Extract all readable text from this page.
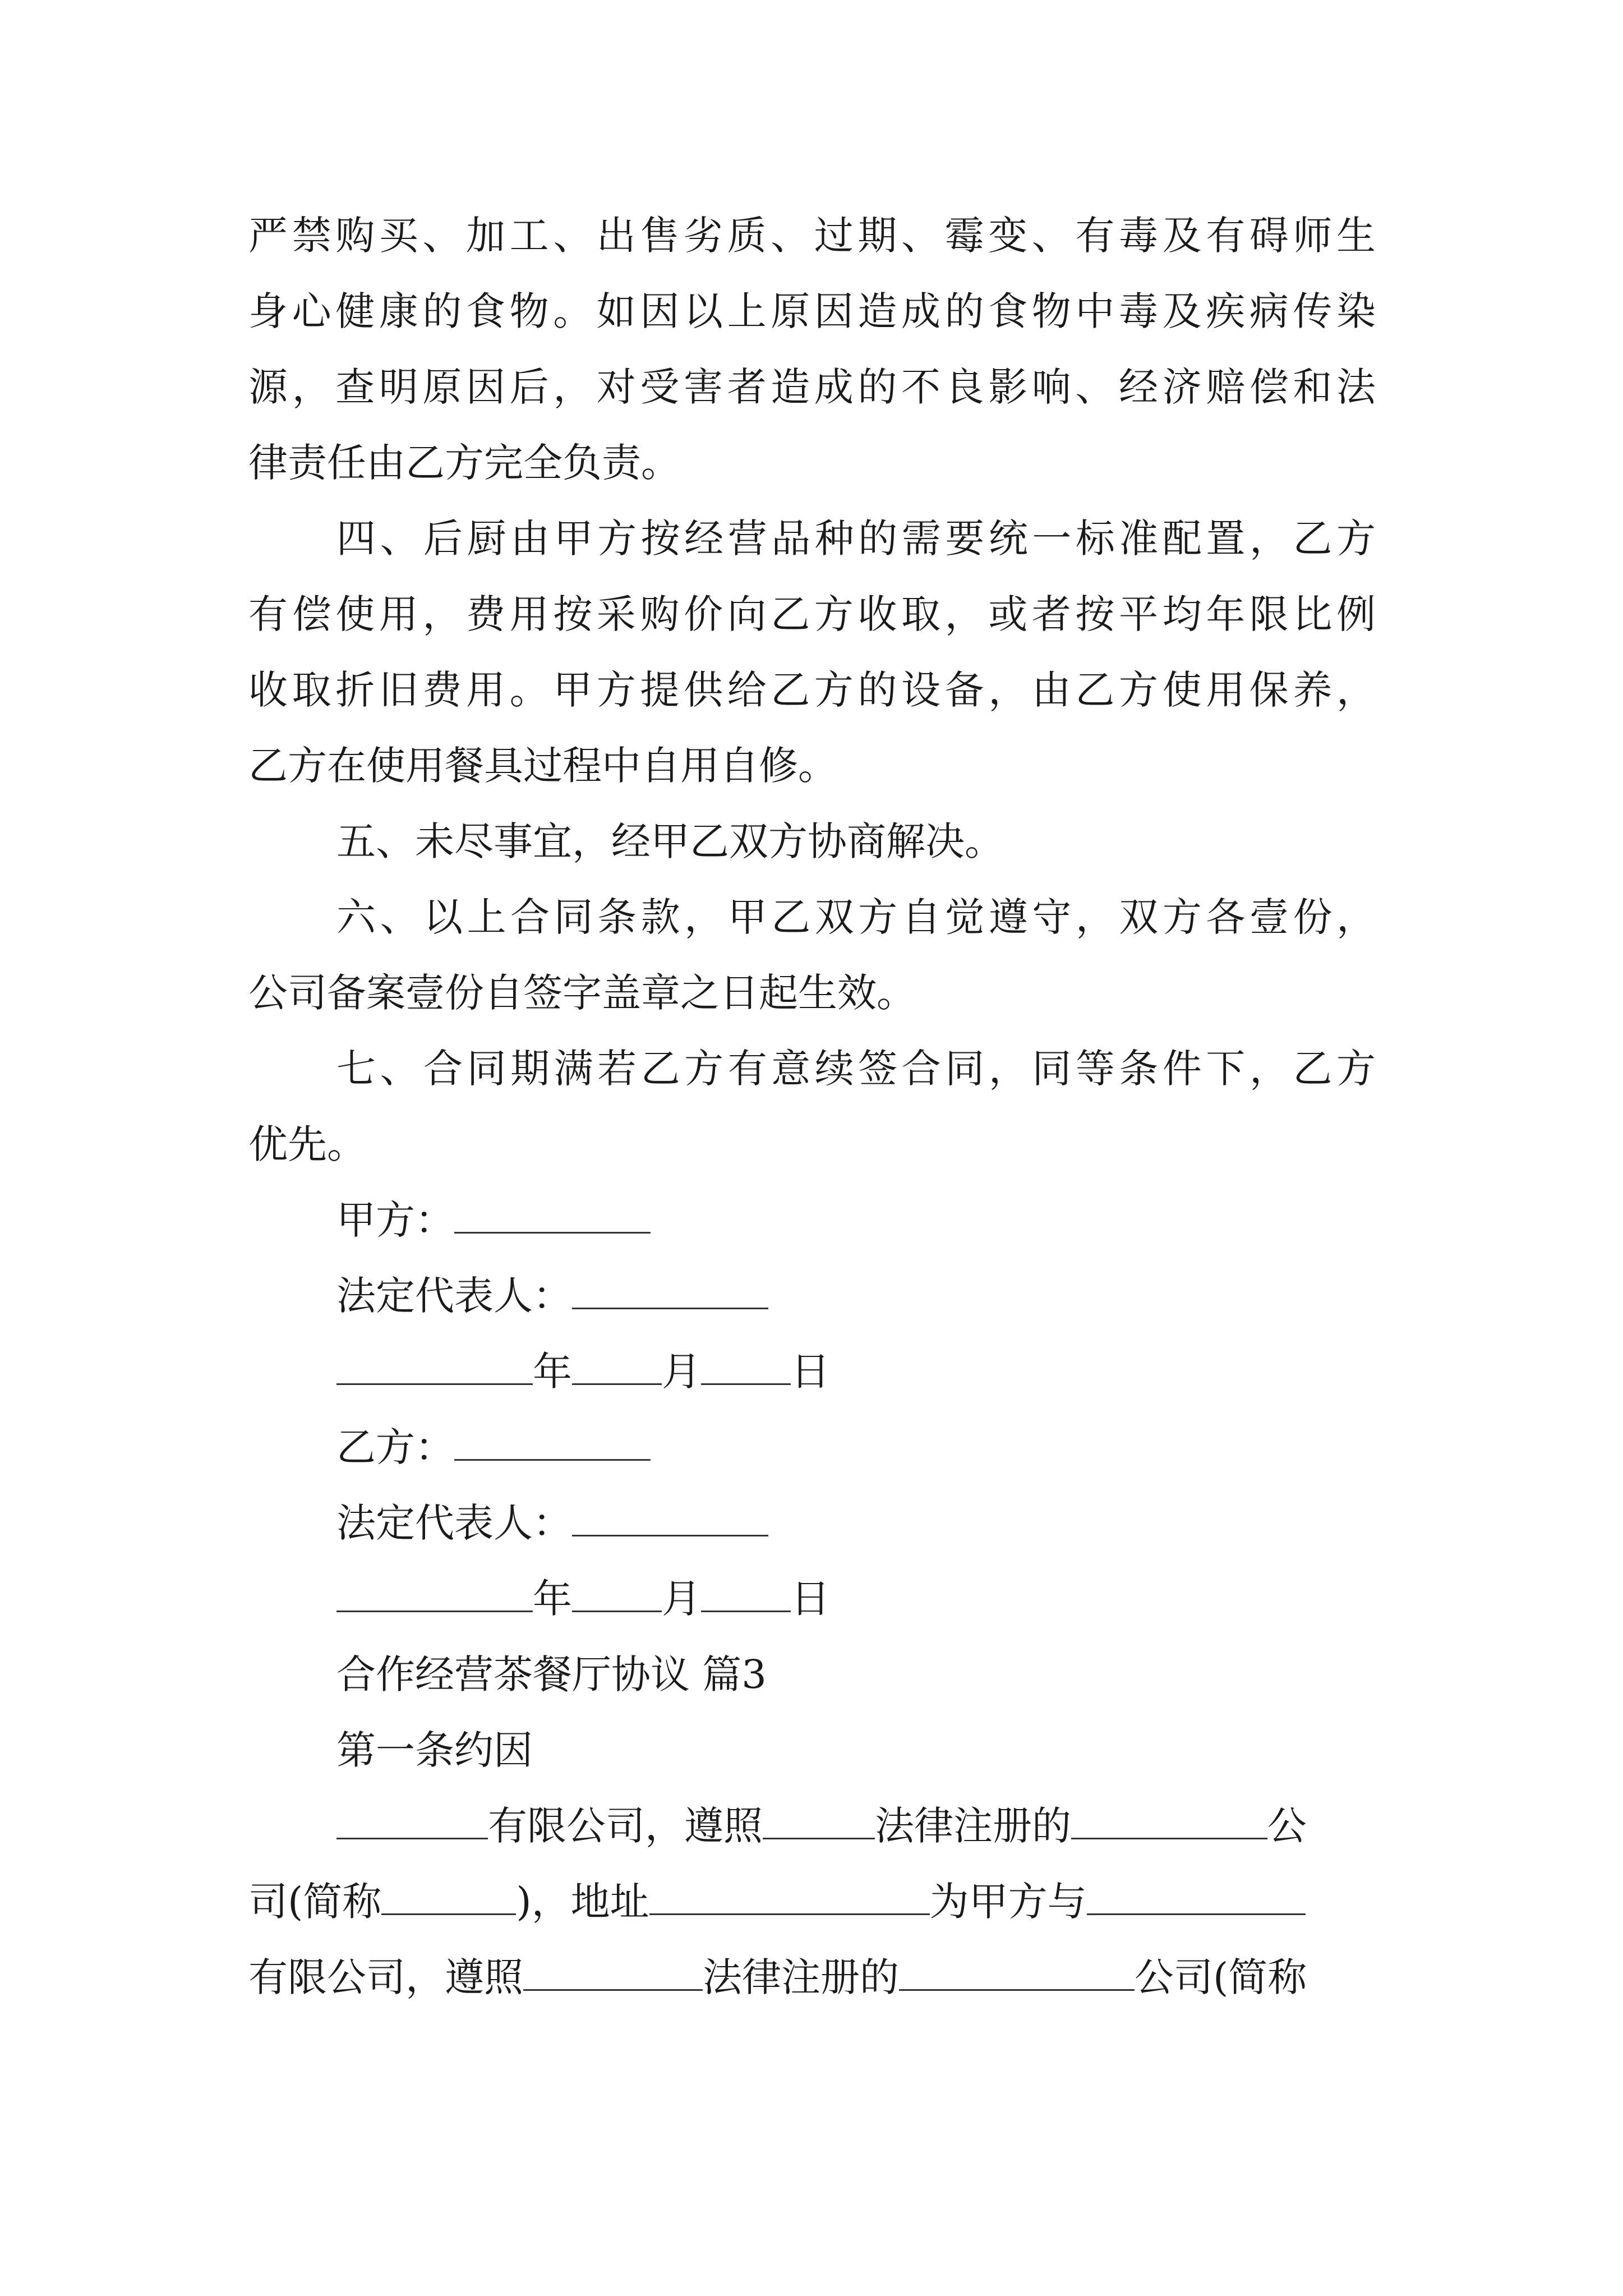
严禁购买、加工、出售劣质、过期、霉变、有毒及有碍师生
身心健康的食物。如因以上原因造成的食物中毒及疾病传染
源，查明原因后，对受害者造成的不良影响、经济赔偿和法
律责任由乙方完全负责。
四、后厨由甲方按经营品种的需要统一标准配置，乙方
有偿使用，费用按采购价向乙方收取，或者按平均年限比例
收取折旧费用。甲方提供给乙方的设备，由乙方使用保养，
乙方在使用餐具过程中自用自修。
五、未尽事宜，经甲乙双方协商解决。
六、以上合同条款，甲乙双方自觉遵守，双方各壹份，
公司备案壹份自签字盖章之日起生效。
七、合同期满若乙方有意续签合同，同等条件下，乙方
优先。
甲方：
法定代表人：
年 月 日
乙方：
法定代表人：
年 月 日
合作经营茶餐厅协议 篇3
第一条约因
有限公司，遵照	法律注册的	公
司(简称	)，地址	为甲方与
有限公司，遵照	法律注册的	公司(简称
